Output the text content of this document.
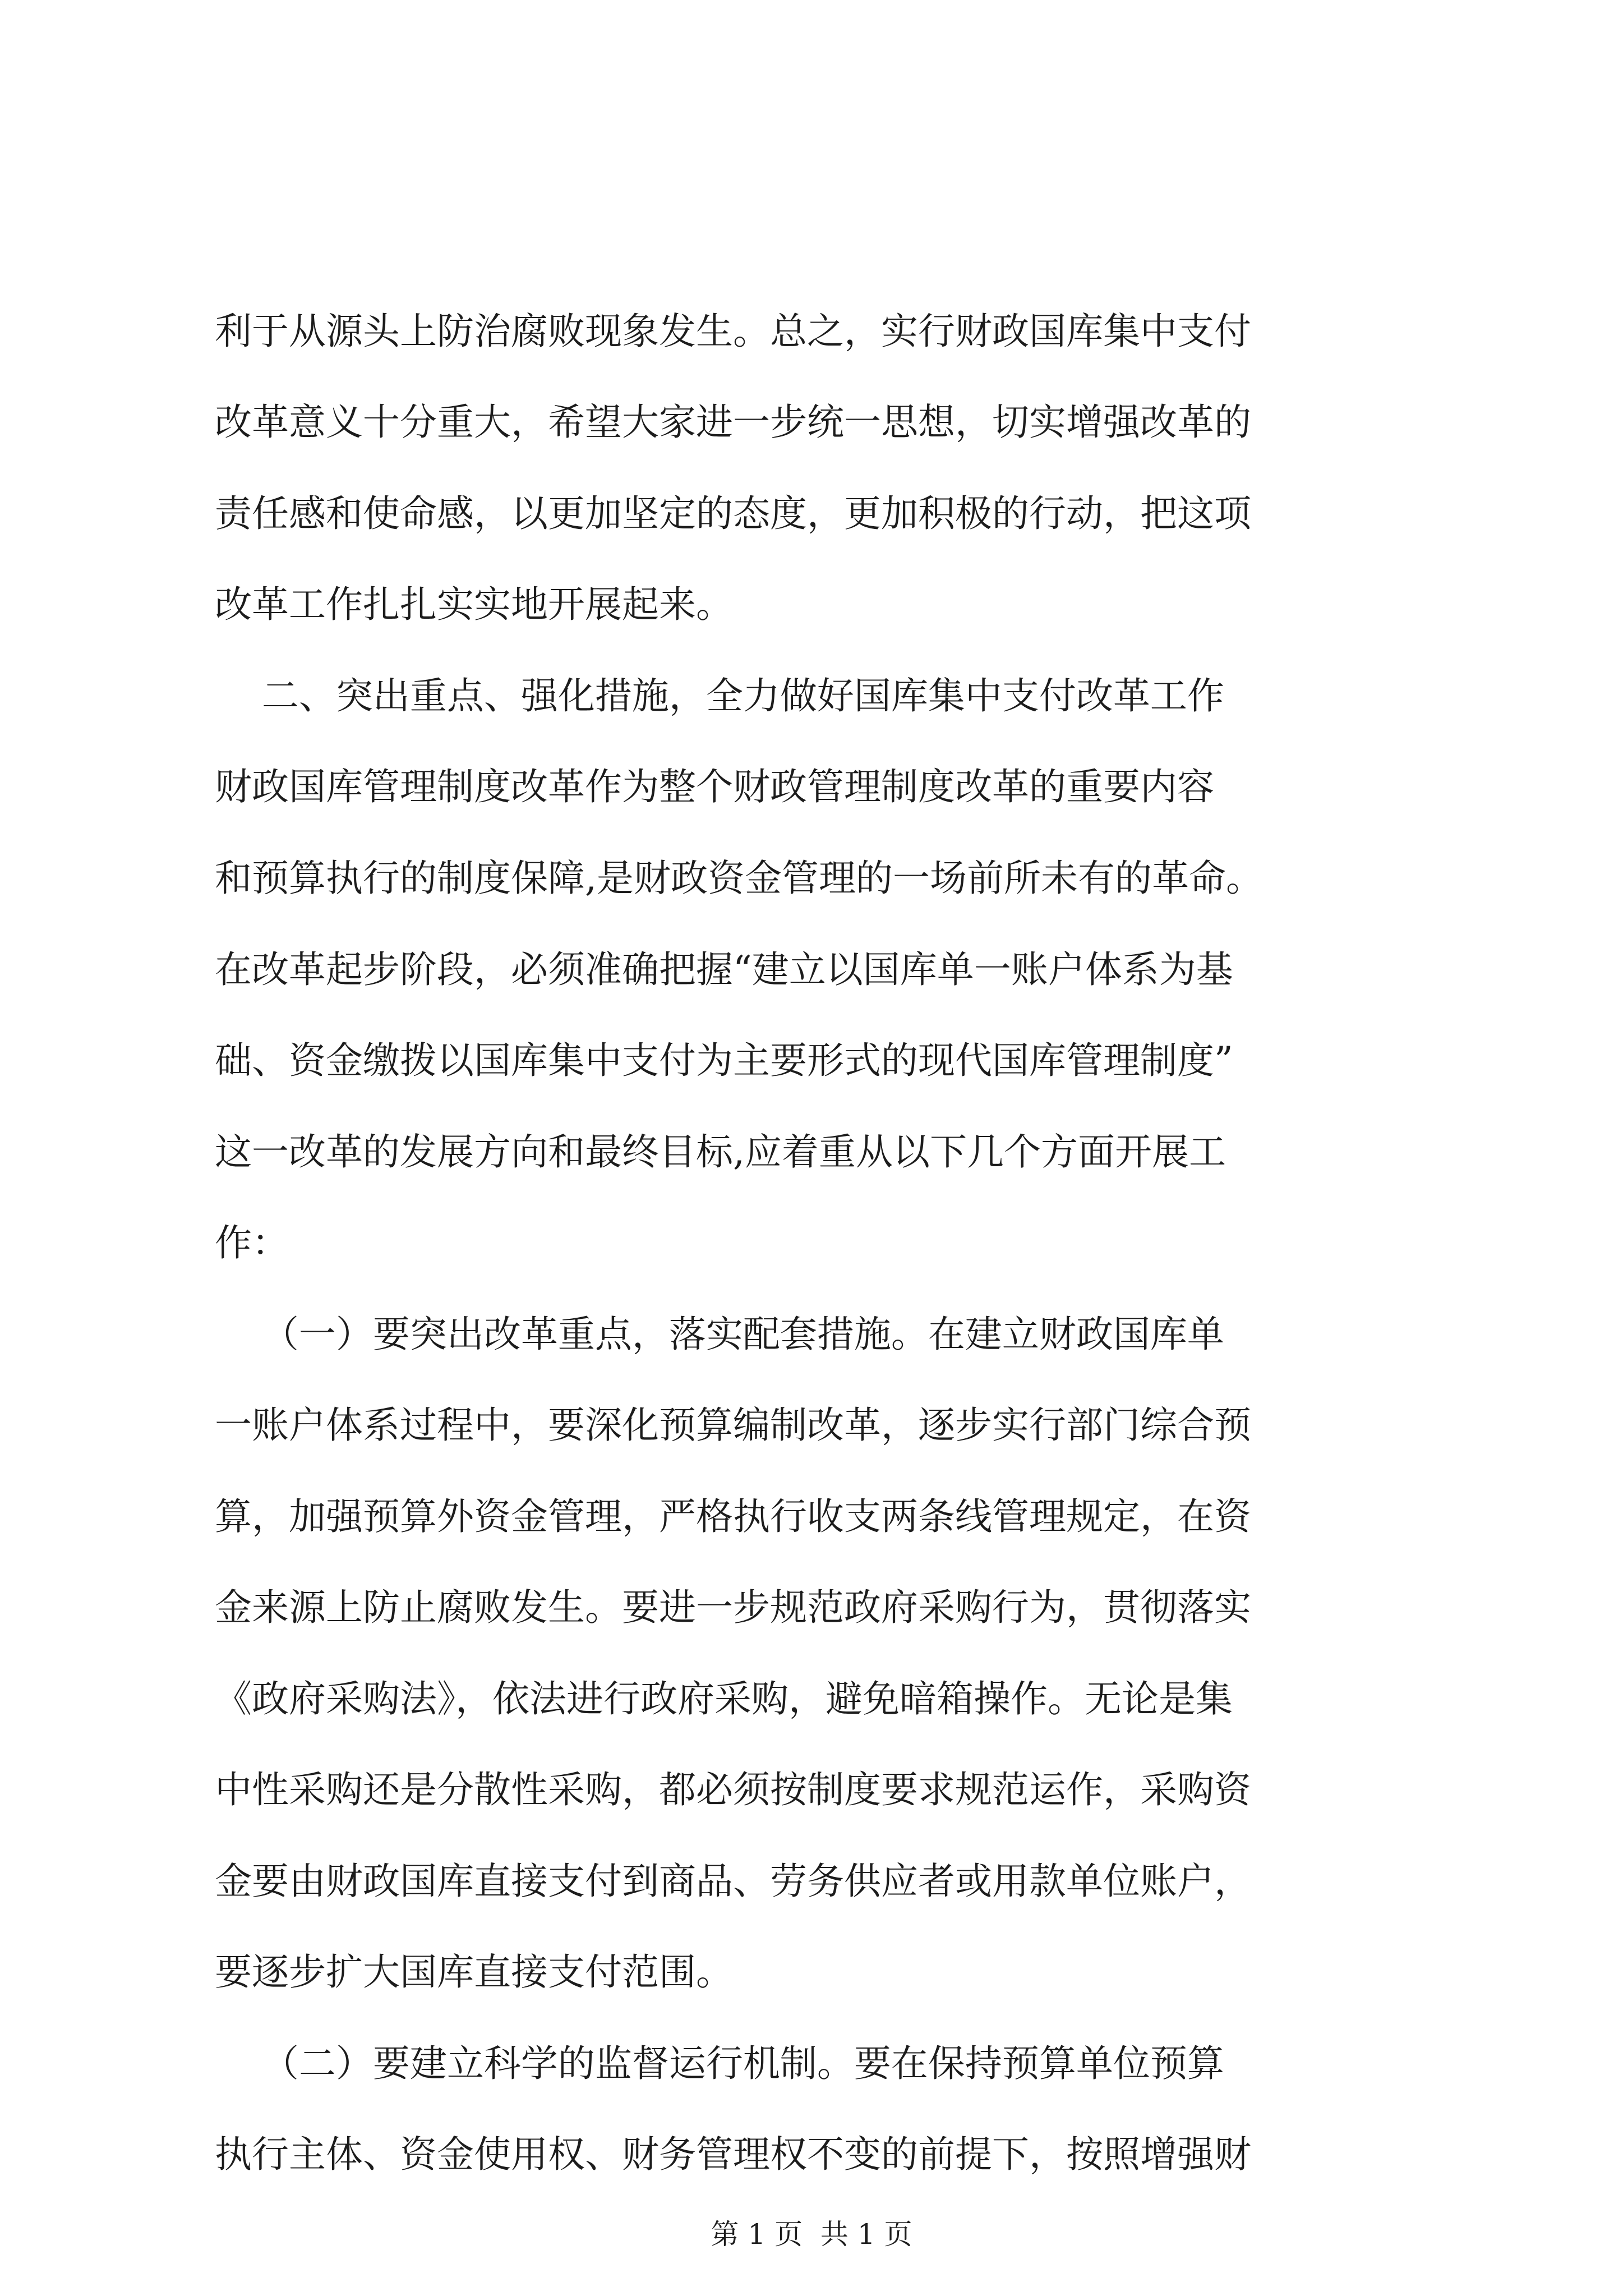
利于从源头上防治腐败现象发生。总之，实行财政国库集中支付

改革意义十分重大，希望大家进一步统一思想，切实增强改革的

责任感和使命感，以更加坚定的态度，更加积极的行动，把这项

改革工作扎扎实实地开展起来。

二、突出重点、强化措施，全力做好国库集中支付改革工作

财政国库管理制度改革作为整个财政管理制度改革的重要内容

和预算执行的制度保障,是财政资金管理的一场前所未有的革命。

在改革起步阶段，必须准确把握“建立以国库单一账户体系为基

础、资金缴拨以国库集中支付为主要形式的现代国库管理制度”

这一改革的发展方向和最终目标,应着重从以下几个方面开展工

作：

（一）要突出改革重点，落实配套措施。在建立财政国库单

一账户体系过程中，要深化预算编制改革，逐步实行部门综合预

算，加强预算外资金管理，严格执行收支两条线管理规定，在资

金来源上防止腐败发生。要进一步规范政府采购行为，贯彻落实

《政府采购法》，依法进行政府采购，避免暗箱操作。无论是集

中性采购还是分散性采购，都必须按制度要求规范运作，采购资

金要由财政国库直接支付到商品、劳务供应者或用款单位账户，

要逐步扩大国库直接支付范围。

（二）要建立科学的监督运行机制。要在保持预算单位预算

执行主体、资金使用权、财务管理权不变的前提下，按照增强财

第 1 页  共 1 页
